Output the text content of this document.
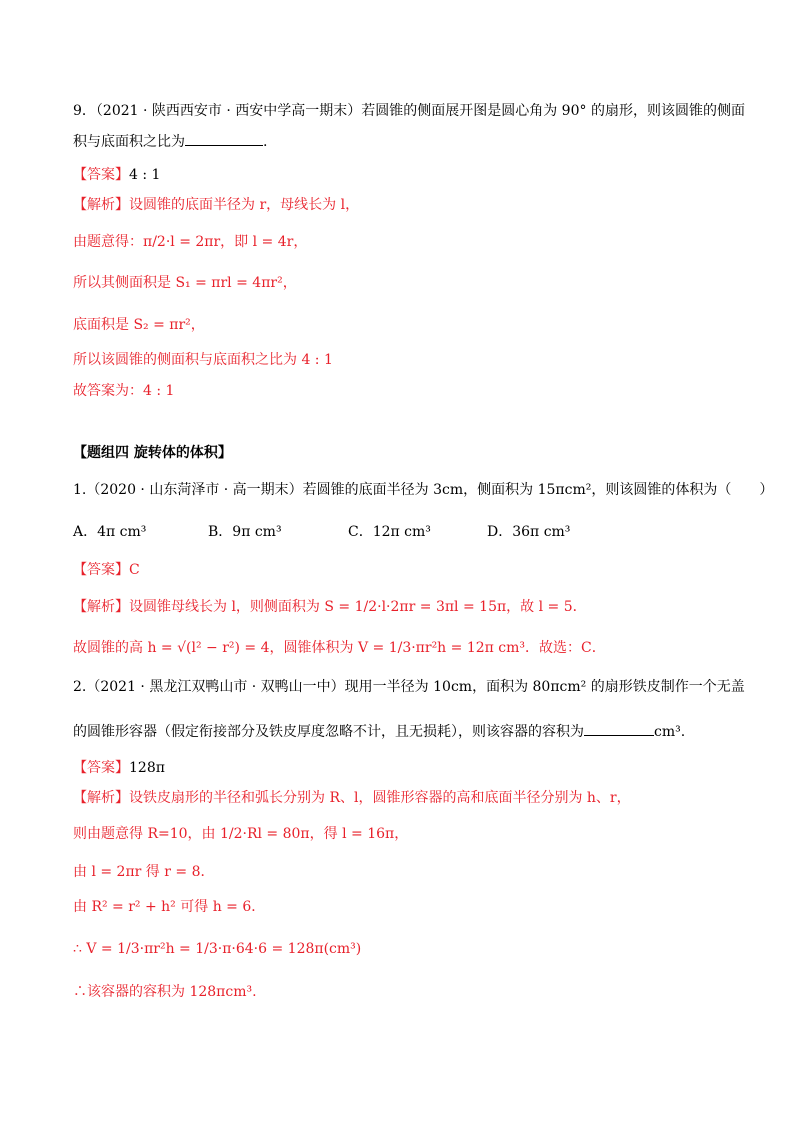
9．（2021 · 陕西西安市 · 西安中学高一期末）若圆锥的侧面展开图是圆心角为 90° 的扇形，则该圆锥的侧面
积与底面积之比为	.
【答案】4 : 1
【解析】设圆锥的底面半径为 r，母线长为 l，
由题意得：π/2·l = 2πr，即 l = 4r，
所以其侧面积是 S₁ = πrl = 4πr²，
底面积是 S₂ = πr²，
所以该圆锥的侧面积与底面积之比为 4 : 1
故答案为：4 : 1
【题组四 旋转体的体积】
1.（2020 · 山东菏泽市 · 高一期末）若圆锥的底面半径为 3cm，侧面积为 15πcm²，则该圆锥的体积为（　　）
A．4π cm³	B．9π cm³	C．12π cm³	D．36π cm³
【答案】C
【解析】设圆锥母线长为 l，则侧面积为 S = 1/2·l·2πr = 3πl = 15π，故 l = 5．
故圆锥的高 h = √(l² − r²) = 4，圆锥体积为 V = 1/3·πr²h = 12π cm³．故选：C．
2.（2021 · 黑龙江双鸭山市 · 双鸭山一中）现用一半径为 10cm，面积为 80πcm² 的扇形铁皮制作一个无盖
的圆锥形容器（假定衔接部分及铁皮厚度忽略不计，且无损耗），则该容器的容积为	cm³.
【答案】128π
【解析】设铁皮扇形的半径和弧长分别为 R、l，圆锥形容器的高和底面半径分别为 h、r，
则由题意得 R=10，由 1/2·Rl = 80π，得 l = 16π，
由 l = 2πr 得 r = 8．
由 R² = r² + h² 可得 h = 6．
∴ V = 1/3·πr²h = 1/3·π·64·6 = 128π(cm³)
∴该容器的容积为 128πcm³.
